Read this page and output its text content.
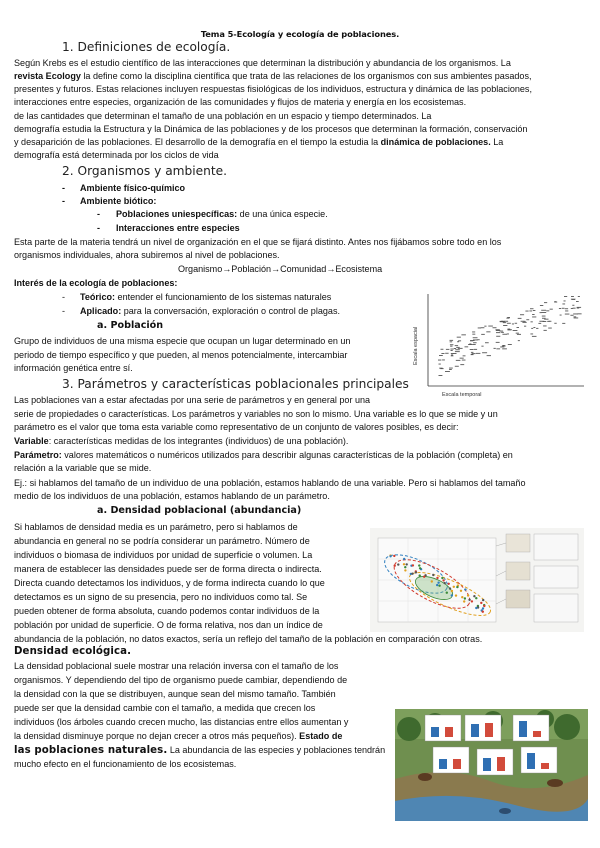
Tema 5-Ecología y ecología de poblaciones.
1. Definiciones de ecología.
Según Krebs es el estudio científico de las interacciones que determinan la distribución y abundancia de los organismos. La
revista Ecology la define como la disciplina científica que trata de las relaciones de los organismos con sus ambientes pasados,
presentes y futuros. Estas relaciones incluyen respuestas fisiológicas de los individuos, estructura y dinámica de las poblaciones,
interacciones entre especies, organización de las comunidades y flujos de materia y energía en los ecosistemas.
de las cantidades que determinan el tamaño de una población en un espacio y tiempo determinados. La
demografía estudia la Estructura y la Dinámica de las poblaciones y de los procesos que determinan la formación, conservación
y desaparición de las poblaciones. El desarrollo de la demografía en el tiempo la estudia la dinámica de poblaciones. La
demografía está determinada por los ciclos de vida
2. Organismos y ambiente.
- Ambiente físico-químico
- Ambiente biótico:
- Poblaciones uniespecíficas: de una única especie.
- Interacciones entre especies
Esta parte de la materia tendrá un nivel de organización en el que se fijará distinto. Antes nos fijábamos sobre todo en los
organismos individuales, ahora subiremos al nivel de poblaciones.
Organismo→Población→Comunidad→Ecosistema
Interés de la ecología de poblaciones:
- Teórico: entender el funcionamiento de los sistemas naturales
- Aplicado: para la conversación, exploración o control de plagas.
a. Población
Grupo de individuos de una misma especie que ocupan un lugar determinado en un
periodo de tiempo específico y que pueden, al menos potencialmente, intercambiar
información genética entre sí.
Escala espacial
Escala temporal
3. Parámetros y características poblacionales principales
Las poblaciones van a estar afectadas por una serie de parámetros y en general por una
serie de propiedades o características. Los parámetros y variables no son lo mismo. Una variable es lo que se mide y un
parámetro es el valor que toma esta variable como representativo de un conjunto de valores posibles, es decir:
Variable: características medidas de los integrantes (individuos) de una población).
Parámetro: valores matemáticos o numéricos utilizados para describir algunas características de la población (completa) en
relación a la variable que se mide.
Ej.: si hablamos del tamaño de un individuo de una población, estamos hablando de una variable. Pero si hablamos del tamaño
medio de los individuos de una población, estamos hablando de un parámetro.
a. Densidad poblacional (abundancia)
Si hablamos de densidad media es un parámetro, pero si hablamos de
abundancia en general no se podría considerar un parámetro. Número de
individuos o biomasa de individuos por unidad de superficie o volumen. La
manera de establecer las densidades puede ser de forma directa o indirecta.
Directa cuando detectamos los individuos, y de forma indirecta cuando lo que
detectamos es un signo de su presencia, pero no individuos como tal. Se
pueden obtener de forma absoluta, cuando podemos contar individuos de la
población por unidad de superficie. O de forma relativa, nos dan un índice de
abundancia de la población, no datos exactos, sería un reflejo del tamaño de la población en comparación con otras.
Densidad ecológica.
La densidad poblacional suele mostrar una relación inversa con el tamaño de los
organismos. Y dependiendo del tipo de organismo puede cambiar, dependiendo de
la densidad con la que se distribuyen, aunque sean del mismo tamaño. También
puede ser que la densidad cambie con el tamaño, a medida que crecen los
individuos (los árboles cuando crecen mucho, las distancias entre ellos aumentan y
la densidad disminuye porque no dejan crecer a otros más pequeños). Estado de
las poblaciones naturales. La abundancia de las especies y poblaciones tendrán
mucho efecto en el funcionamiento de los ecosistemas.
